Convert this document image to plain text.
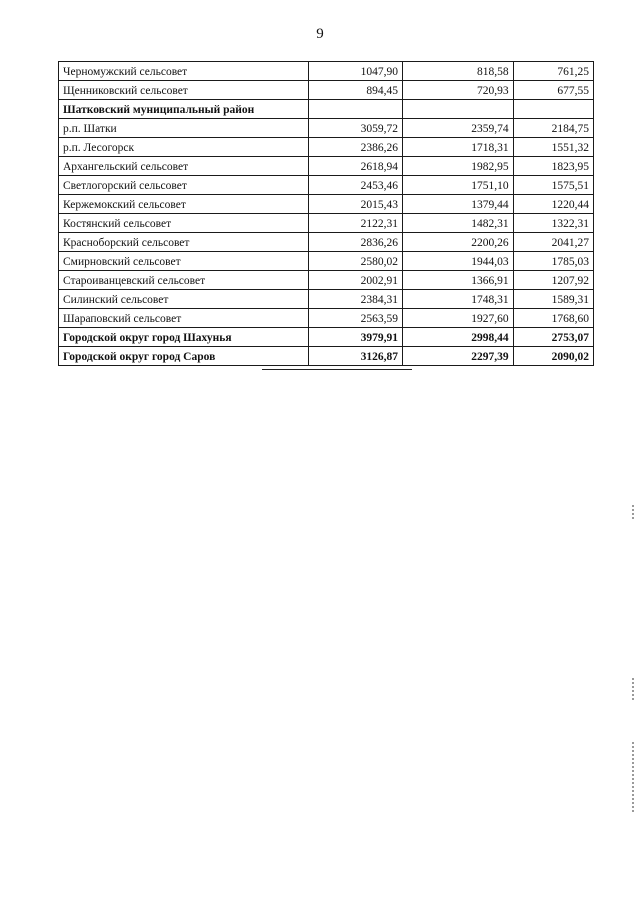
9
Черномужский сельсовет	1047,90	818,58	761,25
Щенниковский сельсовет	894,45	720,93	677,55
Шатковский муниципальный район			
р.п. Шатки	3059,72	2359,74	2184,75
р.п. Лесогорск	2386,26	1718,31	1551,32
Архангельский сельсовет	2618,94	1982,95	1823,95
Светлогорский сельсовет	2453,46	1751,10	1575,51
Кержемокский сельсовет	2015,43	1379,44	1220,44
Костянский сельсовет	2122,31	1482,31	1322,31
Красноборский сельсовет	2836,26	2200,26	2041,27
Смирновский сельсовет	2580,02	1944,03	1785,03
Староиванцевский сельсовет	2002,91	1366,91	1207,92
Силинский сельсовет	2384,31	1748,31	1589,31
Шараповский сельсовет	2563,59	1927,60	1768,60
Городской округ город Шахунья	3979,91	2998,44	2753,07
Городской округ город Саров	3126,87	2297,39	2090,02
